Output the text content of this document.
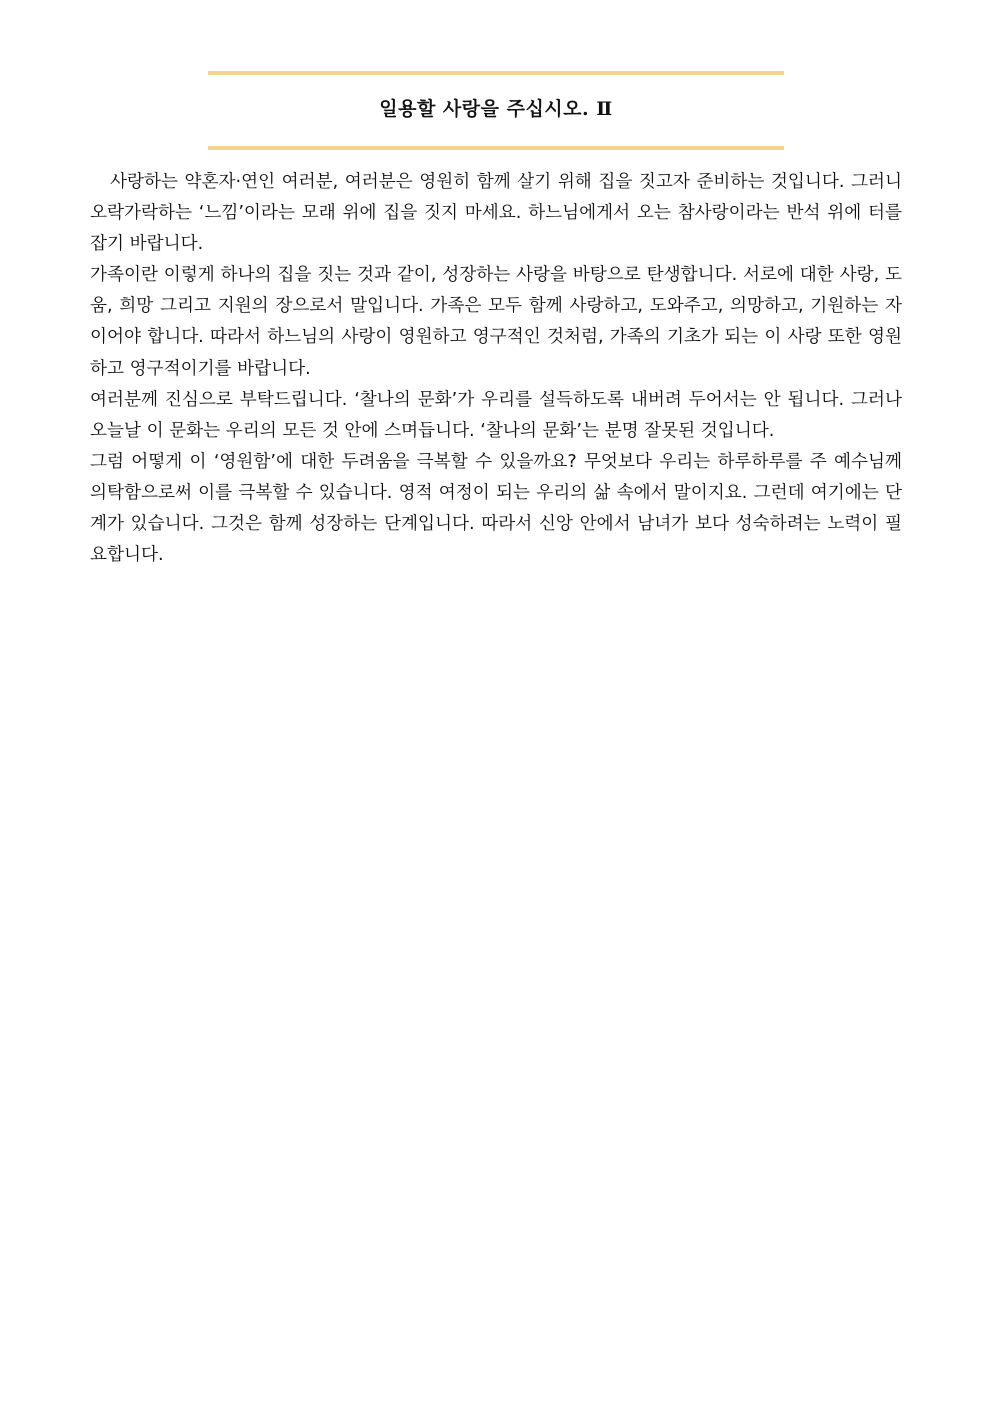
일용할 사랑을 주십시오. Ⅱ

사랑하는 약혼자·연인 여러분, 여러분은 영원히 함께 살기 위해 집을 짓고자 준비하는 것입니다. 그러니 오락가락하는 ‘느낌’이라는 모래 위에 집을 짓지 마세요. 하느님에게서 오는 참사랑이라는 반석 위에 터를 잡기 바랍니다.

가족이란 이렇게 하나의 집을 짓는 것과 같이, 성장하는 사랑을 바탕으로 탄생합니다. 서로에 대한 사랑, 도움, 희망 그리고 지원의 장으로서 말입니다. 가족은 모두 함께 사랑하고, 도와주고, 의망하고, 기원하는 자이어야 합니다. 따라서 하느님의 사랑이 영원하고 영구적인 것처럼, 가족의 기초가 되는 이 사랑 또한 영원하고 영구적이기를 바랍니다.

여러분께 진심으로 부탁드립니다. ‘찰나의 문화’가 우리를 설득하도록 내버려 두어서는 안 됩니다. 그러나 오늘날 이 문화는 우리의 모든 것 안에 스며듭니다. ‘찰나의 문화’는 분명 잘못된 것입니다.

그럼 어떻게 이 ‘영원함’에 대한 두려움을 극복할 수 있을까요? 무엇보다 우리는 하루하루를 주 예수님께 의탁함으로써 이를 극복할 수 있습니다. 영적 여정이 되는 우리의 삶 속에서 말이지요. 그런데 여기에는 단계가 있습니다. 그것은 함께 성장하는 단계입니다. 따라서 신앙 안에서 남녀가 보다 성숙하려는 노력이 필요합니다.
